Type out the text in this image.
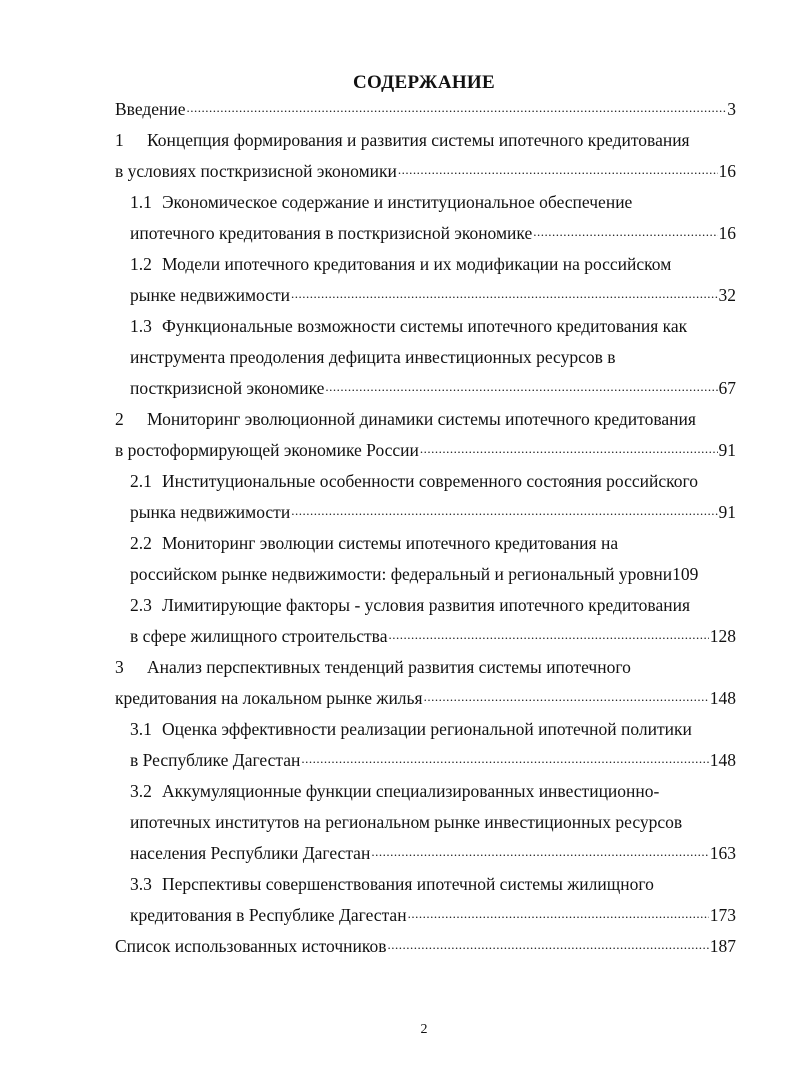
СОДЕРЖАНИЕ
Введение .....	3
1 Концепция формирования и развития системы ипотечного кредитования
в условиях посткризисной экономики .....	16
1.1 Экономическое содержание и институциональное обеспечение
ипотечного кредитования в посткризисной экономике .....	16
1.2 Модели ипотечного кредитования и их модификации на российском
рынке недвижимости .....	32
1.3 Функциональные возможности системы ипотечного кредитования как
инструмента преодоления дефицита инвестиционных ресурсов в
посткризисной экономике .....	67
2 Мониторинг эволюционной динамики системы ипотечного кредитования
в ростоформирующей экономике России .....	91
2.1 Институциональные особенности современного состояния российского
рынка недвижимости .....	91
2.2 Мониторинг эволюции системы ипотечного кредитования на
российском рынке недвижимости: федеральный и региональный уровни 109
2.3 Лимитирующие факторы - условия развития ипотечного кредитования
в сфере жилищного строительства .....	128
3 Анализ перспективных тенденций развития системы ипотечного
кредитования на локальном рынке жилья .....	148
3.1 Оценка эффективности реализации региональной ипотечной политики
в Республике Дагестан .....	148
3.2 Аккумуляционные функции специализированных инвестиционно-
ипотечных институтов на региональном рынке инвестиционных ресурсов
населения Республики Дагестан .....	163
3.3 Перспективы совершенствования ипотечной системы жилищного
кредитования в Республике Дагестан .....	173
Список использованных источников .....	187
2
